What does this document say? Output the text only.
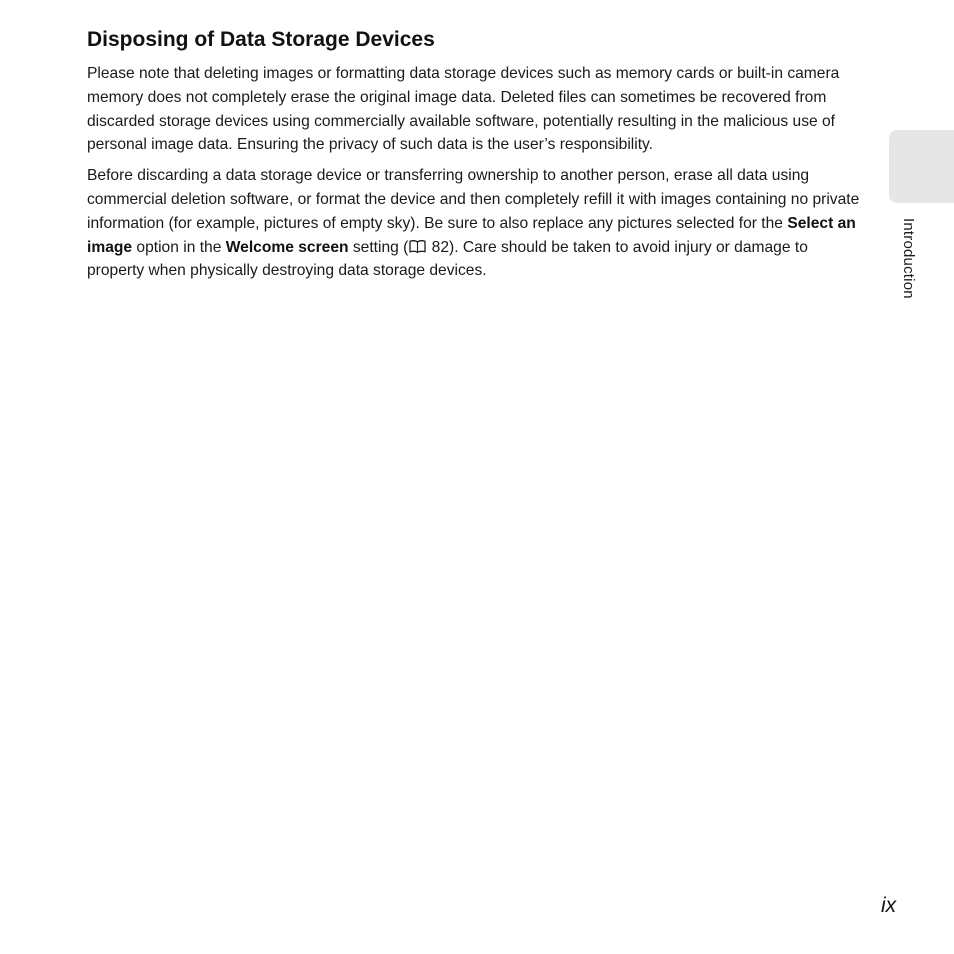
Disposing of Data Storage Devices

Please note that deleting images or formatting data storage devices such as memory cards or built-in camera memory does not completely erase the original image data. Deleted files can sometimes be recovered from discarded storage devices using commercially available software, potentially resulting in the malicious use of personal image data. Ensuring the privacy of such data is the user’s responsibility.

Before discarding a data storage device or transferring ownership to another person, erase all data using commercial deletion software, or format the device and then completely refill it with images containing no private information (for example, pictures of empty sky). Be sure to also replace any pictures selected for the Select an image option in the Welcome screen setting (
82). Care should be taken to avoid injury or damage to property when physically destroying data storage devices.	Introduction
ix
